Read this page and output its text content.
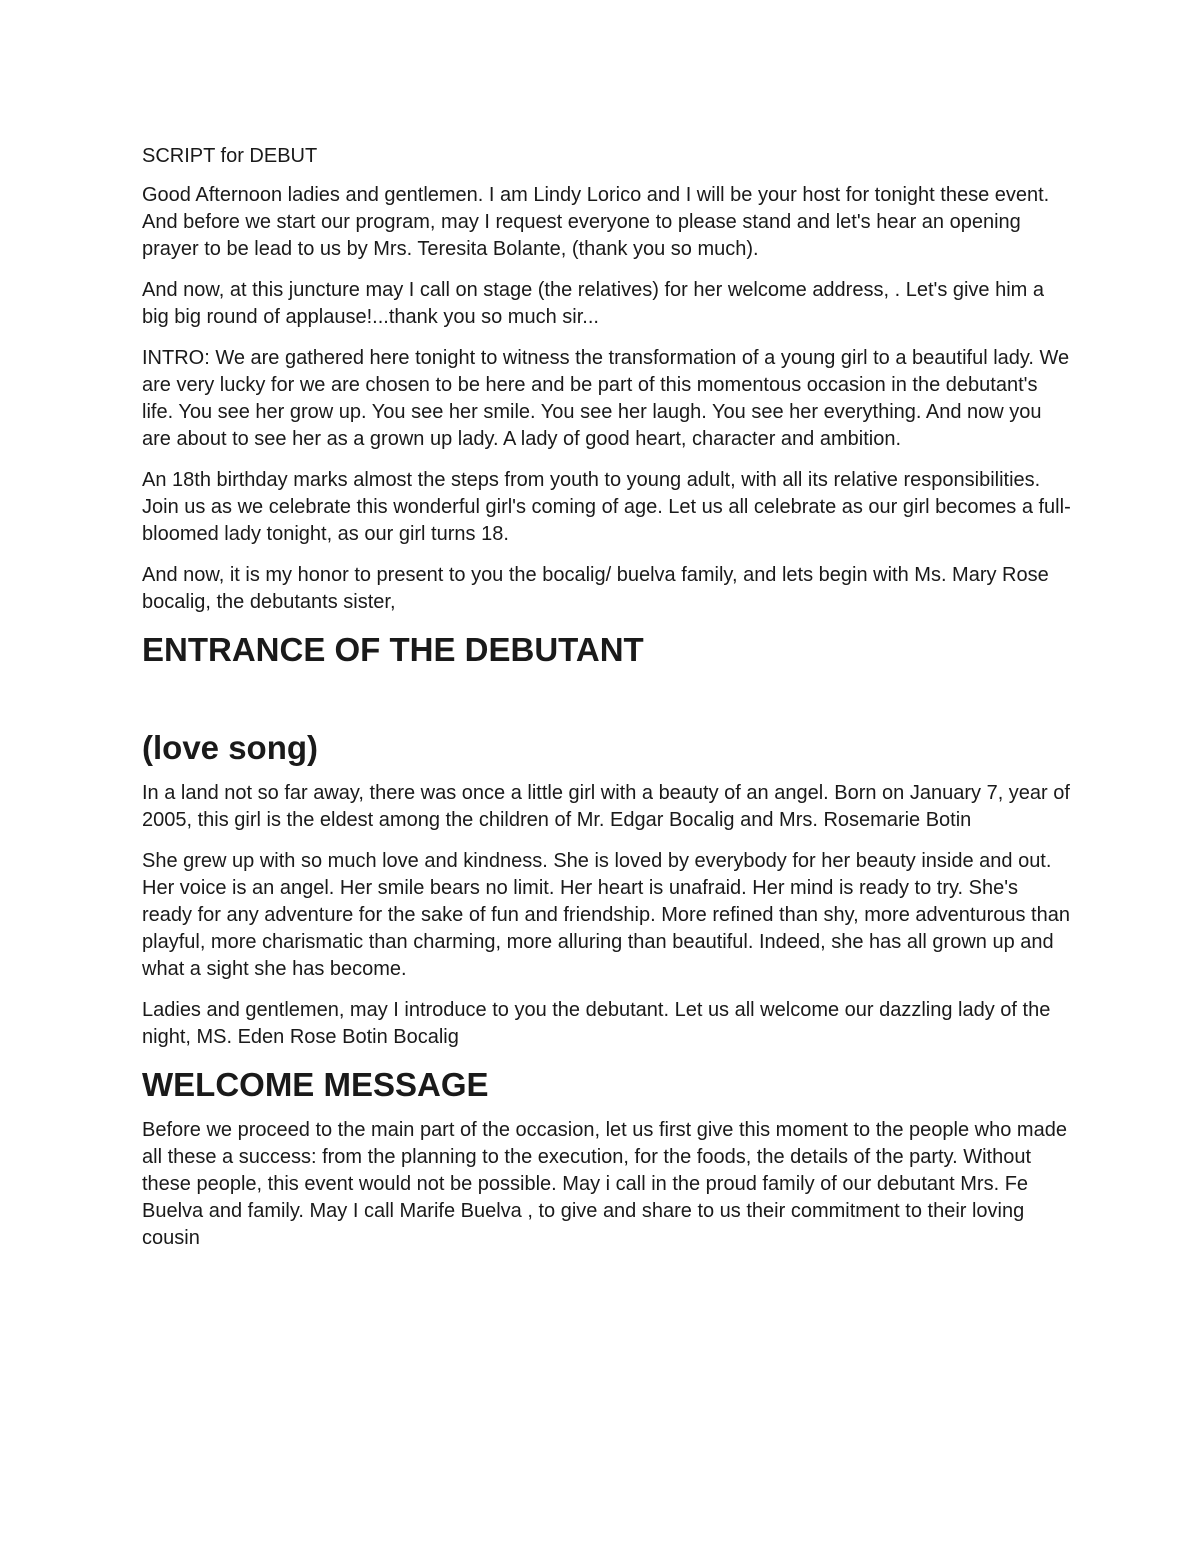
SCRIPT for DEBUT

Good Afternoon ladies and gentlemen. I am Lindy Lorico and I will be your host for tonight these event. And before we start our program, may I request everyone to please stand and let's hear an opening prayer to be lead to us by Mrs. Teresita Bolante, (thank you so much).

And now, at this juncture may I call on stage (the relatives) for her welcome address, . Let's give him a big big round of applause!...thank you so much sir...

INTRO: We are gathered here tonight to witness the transformation of a young girl to a beautiful lady. We are very lucky for we are chosen to be here and be part of this momentous occasion in the debutant's life. You see her grow up. You see her smile. You see her laugh. You see her everything. And now you are about to see her as a grown up lady. A lady of good heart, character and ambition.

An 18th birthday marks almost the steps from youth to young adult, with all its relative responsibilities. Join us as we celebrate this wonderful girl's coming of age. Let us all celebrate as our girl becomes a full-bloomed lady tonight, as our girl turns 18.

And now, it is my honor to present to you the bocalig/ buelva family, and lets begin with Ms. Mary Rose bocalig, the debutants sister,

ENTRANCE OF THE DEBUTANT
(love song)

In a land not so far away, there was once a little girl with a beauty of an angel. Born on January 7, year of 2005, this girl is the eldest among the children of Mr. Edgar Bocalig and Mrs. Rosemarie Botin

She grew up with so much love and kindness. She is loved by everybody for her beauty inside and out. Her voice is an angel. Her smile bears no limit. Her heart is unafraid. Her mind is ready to try. She's ready for any adventure for the sake of fun and friendship. More refined than shy, more adventurous than playful, more charismatic than charming, more alluring than beautiful. Indeed, she has all grown up and what a sight she has become.

Ladies and gentlemen, may I introduce to you the debutant. Let us all welcome our dazzling lady of the night, MS. Eden Rose Botin Bocalig

WELCOME MESSAGE

Before we proceed to the main part of the occasion, let us first give this moment to the people who made all these a success: from the planning to the execution, for the foods, the details of the party. Without these people, this event would not be possible. May i call in the proud family of our debutant Mrs. Fe Buelva and family. May I call Marife Buelva , to give and share to us their commitment to their loving cousin
